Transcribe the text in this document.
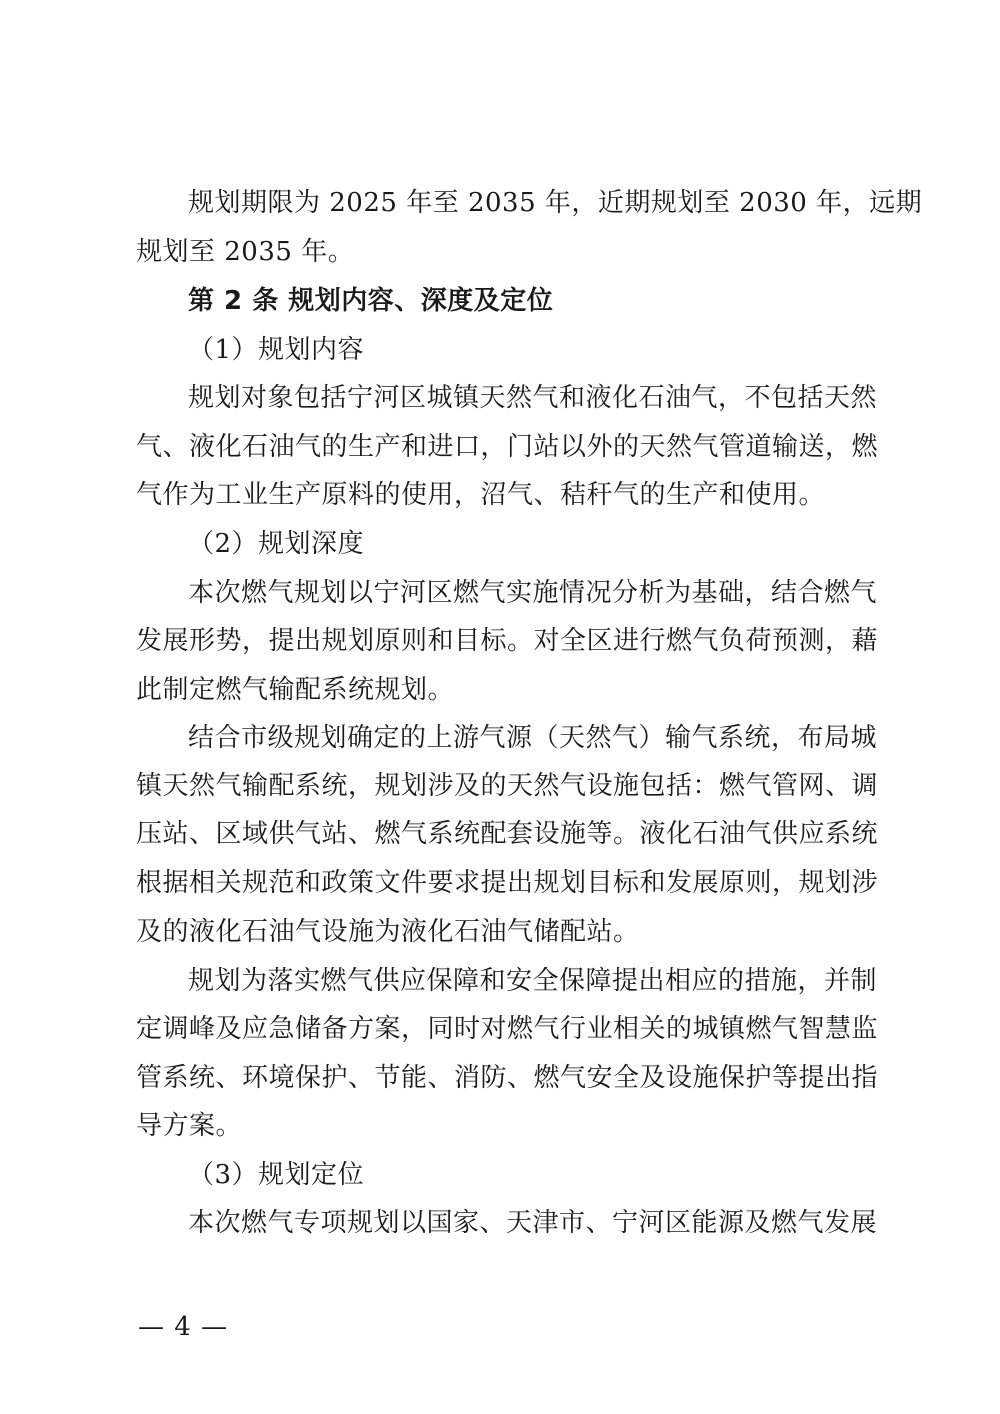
规划期限为 2025 年至 2035 年，近期规划至 2030 年，远期
规划至 2035 年。
第 2 条 规划内容、深度及定位
（1）规划内容
规划对象包括宁河区城镇天然气和液化石油气，不包括天然
气、液化石油气的生产和进口，门站以外的天然气管道输送，燃
气作为工业生产原料的使用，沼气、秸秆气的生产和使用。
（2）规划深度
本次燃气规划以宁河区燃气实施情况分析为基础，结合燃气
发展形势，提出规划原则和目标。对全区进行燃气负荷预测，藉
此制定燃气输配系统规划。
结合市级规划确定的上游气源（天然气）输气系统，布局城
镇天然气输配系统，规划涉及的天然气设施包括：燃气管网、调
压站、区域供气站、燃气系统配套设施等。液化石油气供应系统
根据相关规范和政策文件要求提出规划目标和发展原则，规划涉
及的液化石油气设施为液化石油气储配站。
规划为落实燃气供应保障和安全保障提出相应的措施，并制
定调峰及应急储备方案，同时对燃气行业相关的城镇燃气智慧监
管系统、环境保护、节能、消防、燃气安全及设施保护等提出指
导方案。
（3）规划定位
本次燃气专项规划以国家、天津市、宁河区能源及燃气发展
— 4 —
